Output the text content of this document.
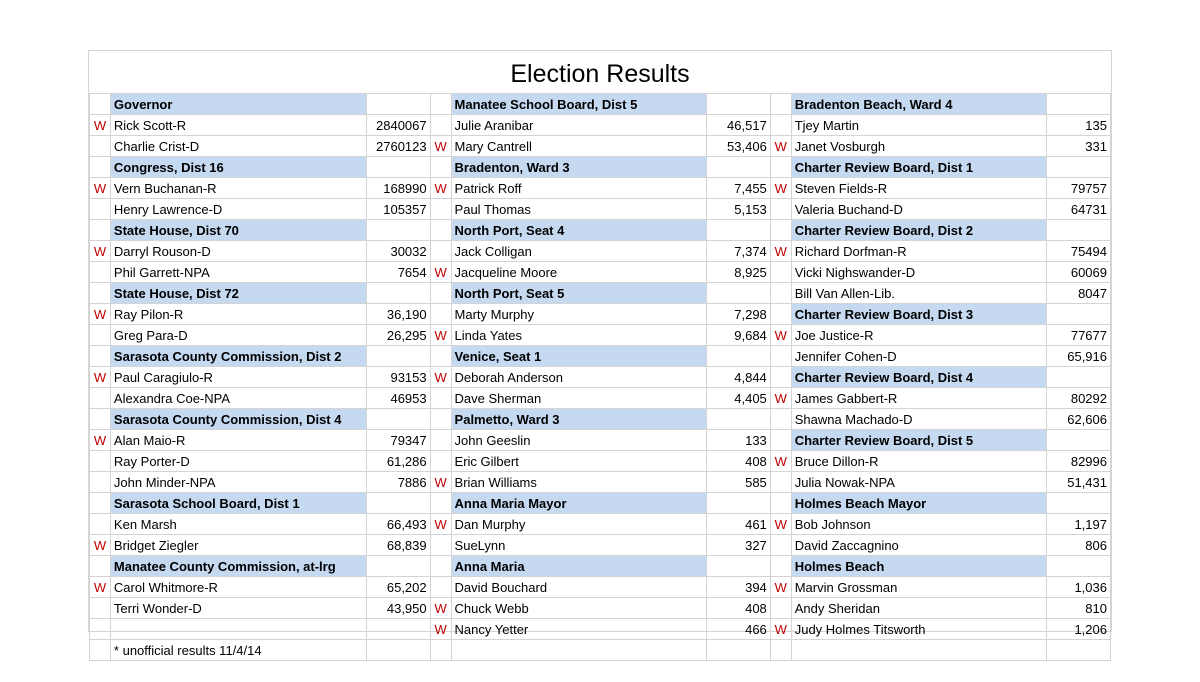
Election Results
	Governor			Manatee School Board, Dist 5			Bradenton Beach, Ward 4	
W	Rick Scott-R	2840067		Julie Aranibar	46,517		Tjey Martin	135
	Charlie Crist-D	2760123	W	Mary Cantrell	53,406	W	Janet Vosburgh	331
	Congress, Dist 16			Bradenton, Ward 3			Charter Review Board, Dist 1	
W	Vern Buchanan-R	168990	W	Patrick Roff	7,455	W	Steven Fields-R	79757
	Henry Lawrence-D	105357		Paul Thomas	5,153		Valeria Buchand-D	64731
	State House, Dist 70			North Port, Seat 4			Charter Review Board, Dist 2	
W	Darryl Rouson-D	30032		Jack Colligan	7,374	W	Richard Dorfman-R	75494
	Phil Garrett-NPA	7654	W	Jacqueline Moore	8,925		Vicki Nighswander-D	60069
	State House, Dist 72			North Port, Seat 5			Bill Van Allen-Lib.	8047
W	Ray Pilon-R	36,190		Marty Murphy	7,298		Charter Review Board, Dist 3	
	Greg Para-D	26,295	W	Linda Yates	9,684	W	Joe Justice-R	77677
	Sarasota County Commission, Dist 2			Venice, Seat 1			Jennifer Cohen-D	65,916
W	Paul Caragiulo-R	93153	W	Deborah Anderson	4,844		Charter Review Board, Dist 4	
	Alexandra Coe-NPA	46953		Dave Sherman	4,405	W	James Gabbert-R	80292
	Sarasota County Commission, Dist 4			Palmetto, Ward 3			Shawna Machado-D	62,606
W	Alan Maio-R	79347		John Geeslin	133		Charter Review Board, Dist 5	
	Ray Porter-D	61,286		Eric Gilbert	408	W	Bruce Dillon-R	82996
	John Minder-NPA	7886	W	Brian Williams	585		Julia Nowak-NPA	51,431
	Sarasota School Board, Dist 1			Anna Maria Mayor			Holmes Beach Mayor	
	Ken Marsh	66,493	W	Dan Murphy	461	W	Bob Johnson	1,197
W	Bridget Ziegler	68,839		SueLynn	327		David Zaccagnino	806
	Manatee County Commission, at-lrg			Anna Maria			Holmes Beach	
W	Carol Whitmore-R	65,202		David Bouchard	394	W	Marvin Grossman	1,036
	Terri Wonder-D	43,950	W	Chuck Webb	408		Andy Sheridan	810
			W	Nancy Yetter	466	W	Judy Holmes Titsworth	1,206
	* unofficial results 11/4/14							
